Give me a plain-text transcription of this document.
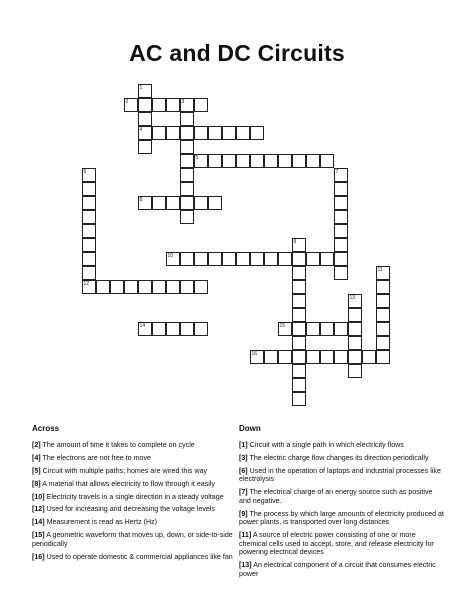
AC and DC Circuits
1
2	3
4
5
6	7
8
9
10
11
12
13
14	15
16
Across
[2] The amount of time it takes to complete on cycle
[4] The electrons are not free to move
[5] Circuit with multiple paths; homes are wired this way
[8] A material that allows electricity to flow through it easily
[10] Electricity travels in a single direction in a steady voltage
[12] Used for increasing and decreasing the voltage levels
[14] Measurement is read as Hertz (Hz)
[15] A geometric waveform that moves up, down, or side-to-side periodically
[16] Used to operate domestic & commercial appliances like fan
Down
[1] Circuit with a single path in which electricity flows
[3] The electric charge flow changes its direction periodically
[6] Used in the operation of laptops and industrial processes like electrolysis
[7] The electrical charge of an energy source such as positive and negative.
[9] The process by which large amounts of electricity produced at power plants, is transported over long distances
[11] A source of electric power consisting of one or more chemical cells used to accept, store, and release electricity for powering electrical devices
[13] An electrical component of a circuit that consumes electric power
